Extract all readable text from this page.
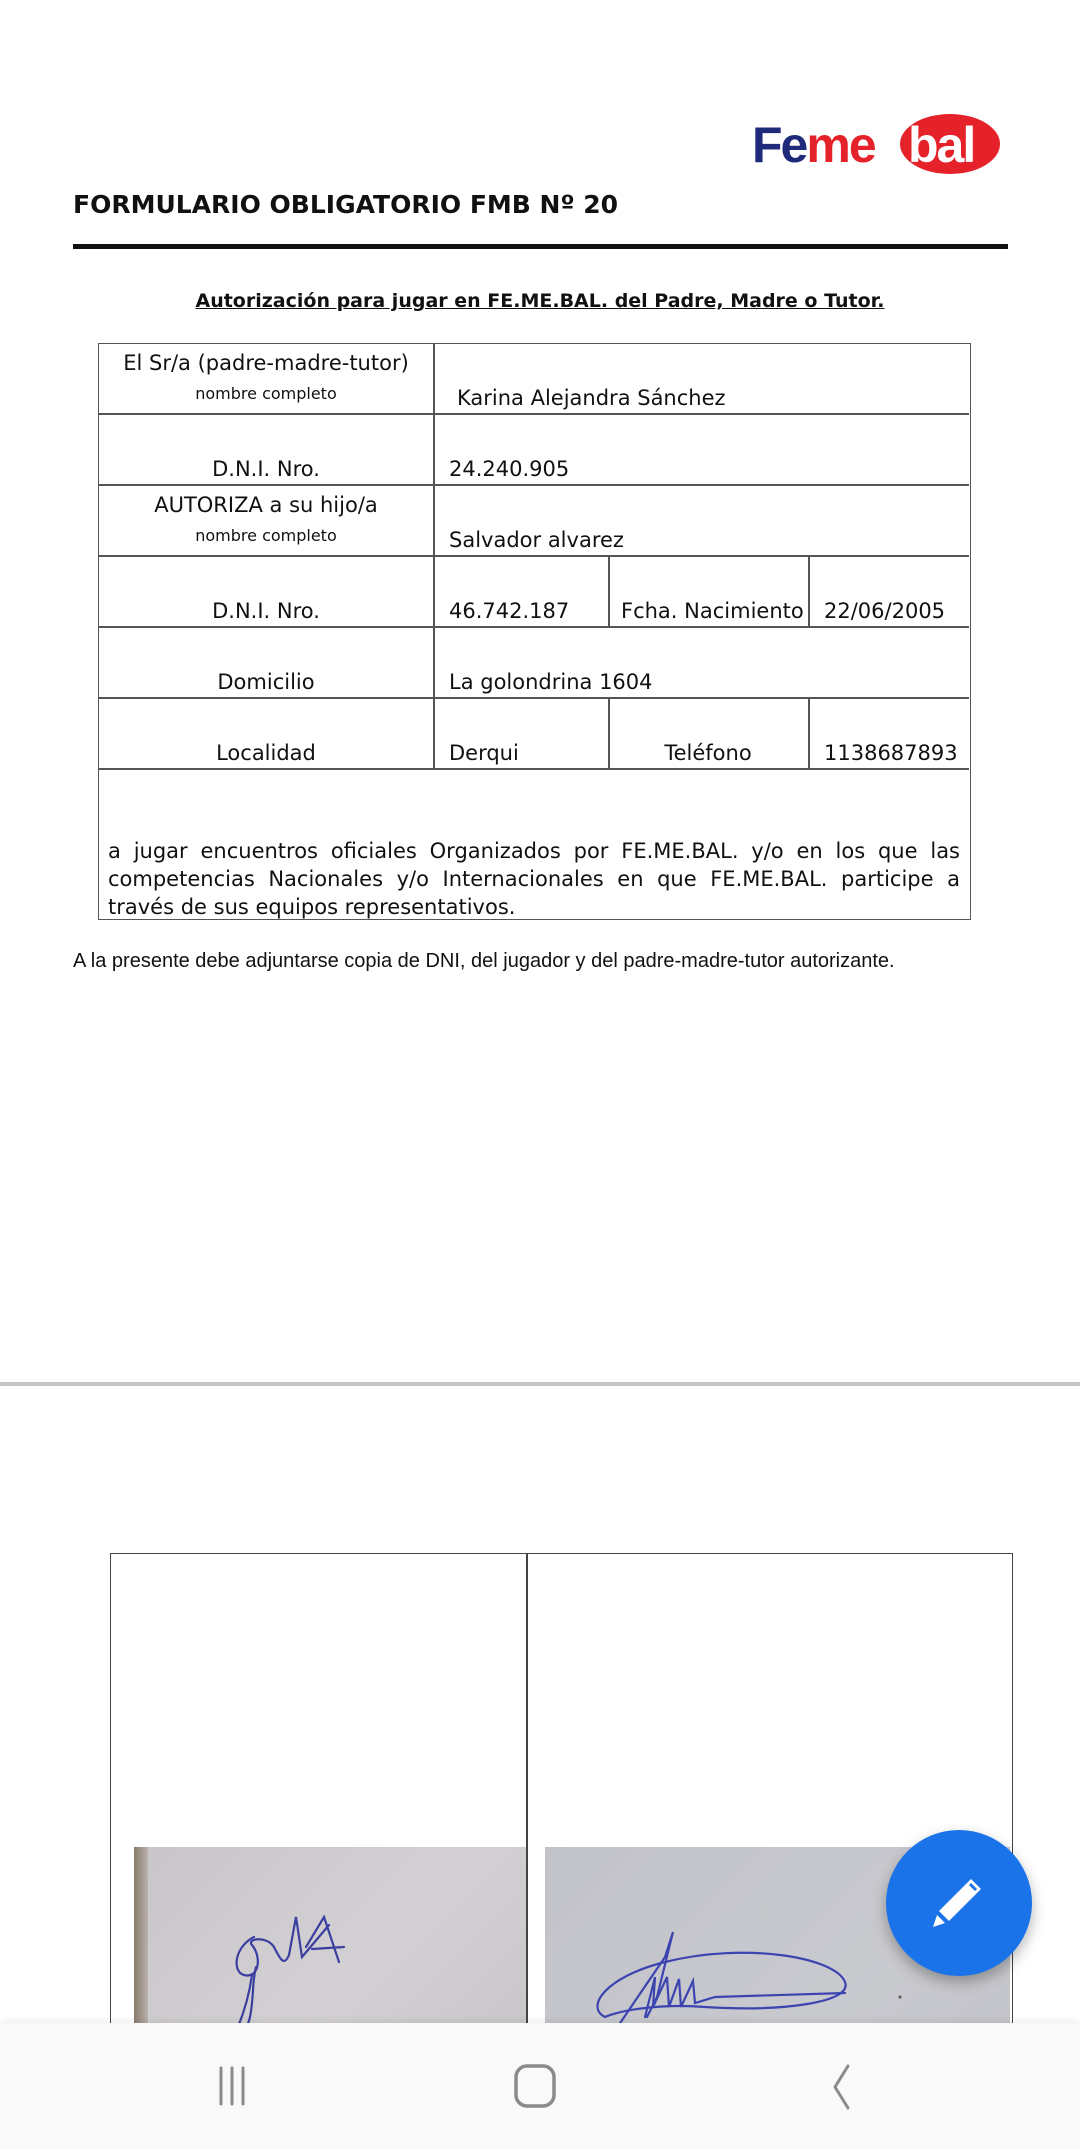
Feme bal
FORMULARIO OBLIGATORIO FMB Nº 20
Autorización para jugar en FE.ME.BAL. del Padre, Madre o Tutor.
El Sr/a (padre-madre-tutor)
nombre completo	Karina Alejandra Sánchez
D.N.I. Nro.	24.240.905
AUTORIZA a su hijo/a
nombre completo	Salvador alvarez
D.N.I. Nro.	46.742.187 Fcha. Nacimiento 22/06/2005
Domicilio	La golondrina 1604
Localidad	Derqui	Teléfono	1138687893
a jugar encuentros oficiales Organizados por FE.ME.BAL. y/o en los que las competencias Nacionales y/o Internacionales en que FE.ME.BAL. participe a través de sus equipos representativos.
A la presente debe adjuntarse copia de DNI, del jugador y del padre-madre-tutor autorizante.
